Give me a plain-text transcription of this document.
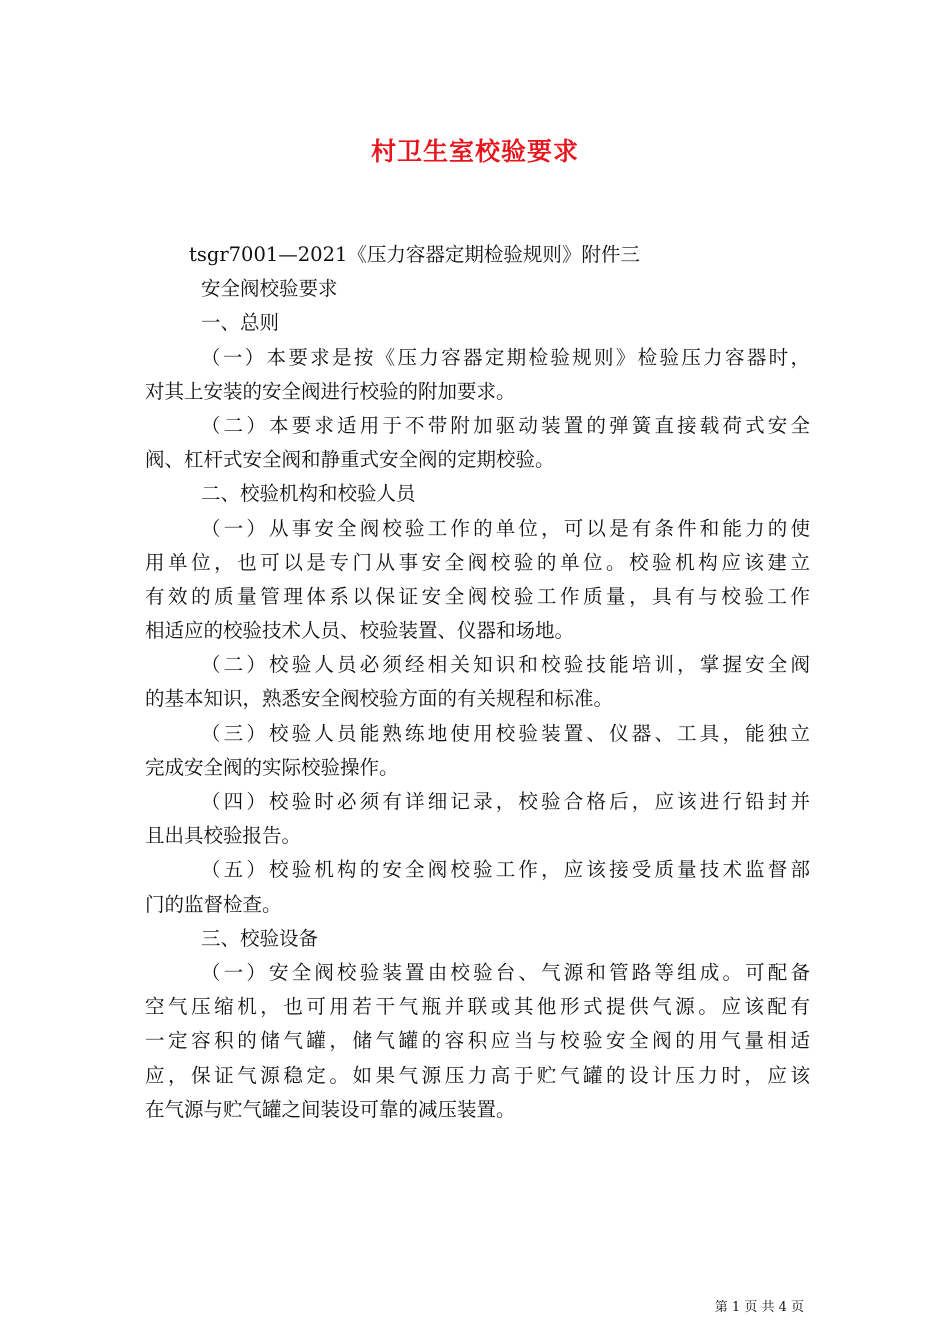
村卫生室校验要求
tsgr7001—2021《压力容器定期检验规则》附件三
安全阀校验要求
一、总则
（一）本要求是按《压力容器定期检验规则》检验压力容器时，
对其上安装的安全阀进行校验的附加要求。
（二）本要求适用于不带附加驱动装置的弹簧直接载荷式安全
阀、杠杆式安全阀和静重式安全阀的定期校验。
二、校验机构和校验人员
（一）从事安全阀校验工作的单位，可以是有条件和能力的使
用单位，也可以是专门从事安全阀校验的单位。校验机构应该建立
有效的质量管理体系以保证安全阀校验工作质量，具有与校验工作
相适应的校验技术人员、校验装置、仪器和场地。
（二）校验人员必须经相关知识和校验技能培训，掌握安全阀
的基本知识，熟悉安全阀校验方面的有关规程和标准。
（三）校验人员能熟练地使用校验装置、仪器、工具，能独立
完成安全阀的实际校验操作。
（四）校验时必须有详细记录，校验合格后，应该进行铅封并
且出具校验报告。
（五）校验机构的安全阀校验工作，应该接受质量技术监督部
门的监督检查。
三、校验设备
（一）安全阀校验装置由校验台、气源和管路等组成。可配备
空气压缩机，也可用若干气瓶并联或其他形式提供气源。应该配有
一定容积的储气罐，储气罐的容积应当与校验安全阀的用气量相适
应，保证气源稳定。如果气源压力高于贮气罐的设计压力时，应该
在气源与贮气罐之间装设可靠的减压装置。
第 1 页 共 4 页
